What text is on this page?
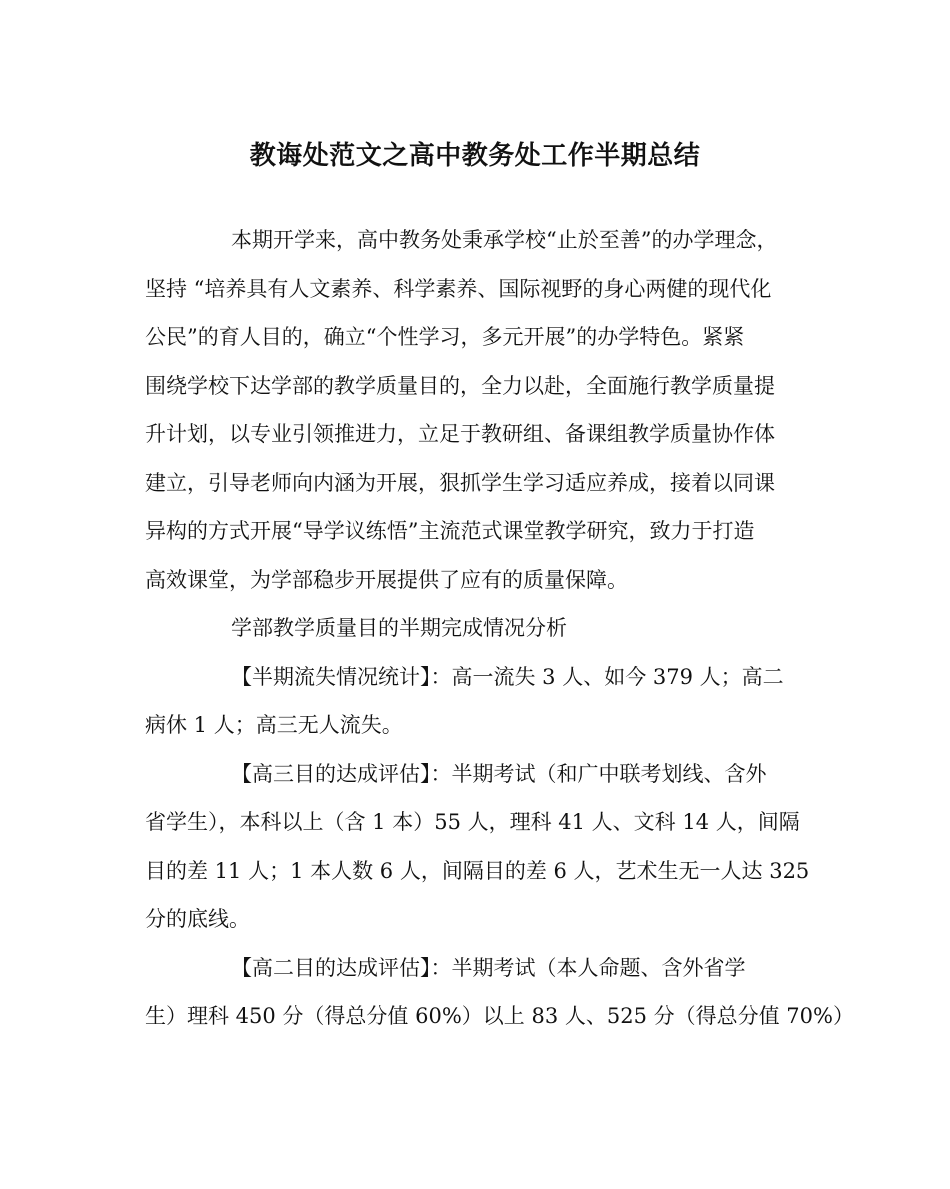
教诲处范文之高中教务处工作半期总结
本期开学来，高中教务处秉承学校“止於至善”的办学理念，
坚持 “培养具有人文素养、科学素养、国际视野的身心两健的现代化
公民”的育人目的，确立“个性学习，多元开展”的办学特色。紧紧
围绕学校下达学部的教学质量目的，全力以赴，全面施行教学质量提
升计划，以专业引领推进力，立足于教研组、备课组教学质量协作体
建立，引导老师向内涵为开展，狠抓学生学习适应养成，接着以同课
异构的方式开展“导学议练悟”主流范式课堂教学研究，致力于打造
高效课堂，为学部稳步开展提供了应有的质量保障。
学部教学质量目的半期完成情况分析
【半期流失情况统计】：高一流失 3 人、如今 379 人；高二
病休 1 人；高三无人流失。
【高三目的达成评估】：半期考试（和广中联考划线、含外
省学生），本科以上（含 1 本）55 人，理科 41 人、文科 14 人，间隔
目的差 11 人；1 本人数 6 人，间隔目的差 6 人，艺术生无一人达 325
分的底线。
【高二目的达成评估】：半期考试（本人命题、含外省学
生）理科 450 分（得总分值 60%）以上 83 人、525 分（得总分值 70%）
